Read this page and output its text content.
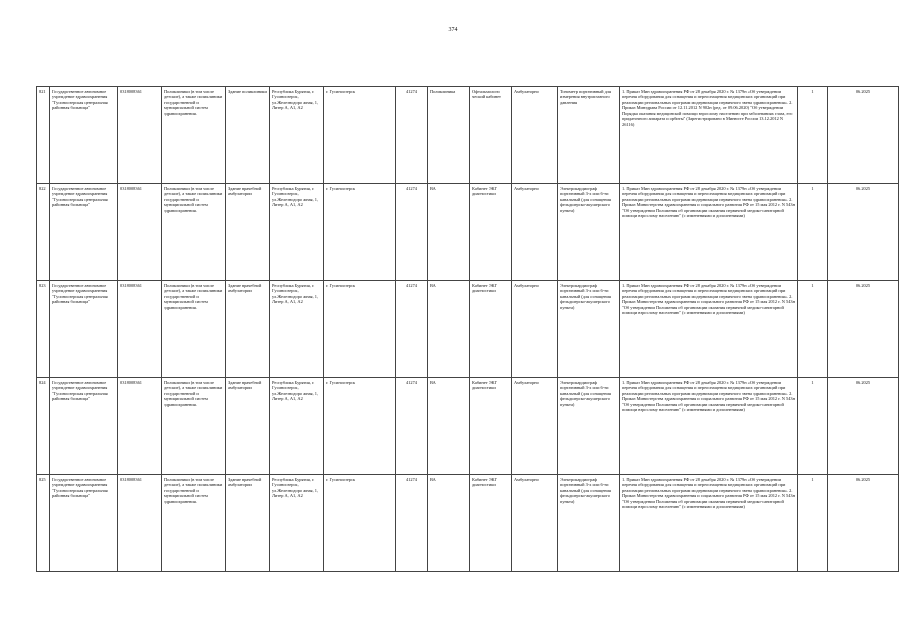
374
821	Государственное автономное учреждение здравоохранения "Гусиноозерская центральная районная больница"	0318008361	Поликлиники (в том числе детские), а также поликлиники государственной и муниципальной систем здравоохранения.	Здание поликлиники	Республика Бурятия, г. Гусиноозерск, ул.Железнодоро жная, 1, Литер А, А1, А2	г. Гусиноозерск	41274	Поликлиника	Офтальмологи ческий кабинет	Амбулаторно	Тонометр портативный для измерения внутриглазного давления	1. Приказ Мин здравоохранения РФ от 28 декабря 2020 г. № 1379н «Об утверждении перечня оборудования для оснащения и переоснащения медицинских организаций при реализации региональных программ модернизации первичного звена здравоохранения». 2. Приказ Минздрава России от 12.11.2012 N 902н (ред. от 09.06.2020) "Об утверждении Порядка оказания медицинской помощи взрослому населению при заболеваниях глаза, его придаточного аппарата и орбиты" (Зарегистрировано в Минюсте России 13.12.2012 N 26116)	1	06.2025
822	Государственное автономное учреждение здравоохранения "Гусиноозерская центральная районная больница"	0318008361	Поликлиники (в том числе детские), а также поликлиники государственной и муниципальной систем здравоохранения.	Здание врачебной амбулатории	Республика Бурятия, г. Гусиноозерск, ул.Железнодоро жная, 1, Литер А, А1, А2	г. Гусиноозерск	41274	ВА	Кабинет ЭКГ диагностики	Амбулаторно	Электрокардиограф портативный 3-х или 6-ти канальный (для оснащения фельдшерско-акушерского пункта)	1. Приказ Мин здравоохранения РФ от 28 декабря 2020 г. № 1379н «Об утверждении перечня оборудования для оснащения и переоснащения медицинских организаций при реализации региональных программ модернизации первичного звена здравоохранения». 2. Приказ Министерства здравоохранения и социального развития РФ от 15 мая 2012 г. N 543н "Об утверждении Положения об организации оказания первичной медико-санитарной помощи взрослому населению" (с изменениями и дополнениями)	1	06.2025
823	Государственное автономное учреждение здравоохранения "Гусиноозерская центральная районная больница"	0318008361	Поликлиники (в том числе детские), а также поликлиники государственной и муниципальной систем здравоохранения.	Здание врачебной амбулатории	Республика Бурятия, г. Гусиноозерск, ул.Железнодоро жная, 1, Литер А, А1, А2	г. Гусиноозерск	41274	ВА	Кабинет ЭКГ диагностики	Амбулаторно	Электрокардиограф портативный 3-х или 6-ти канальный (для оснащения фельдшерско-акушерского пункта)	1. Приказ Мин здравоохранения РФ от 28 декабря 2020 г. № 1379н «Об утверждении перечня оборудования для оснащения и переоснащения медицинских организаций при реализации региональных программ модернизации первичного звена здравоохранения». 2. Приказ Министерства здравоохранения и социального развития РФ от 15 мая 2012 г. N 543н "Об утверждении Положения об организации оказания первичной медико-санитарной помощи взрослому населению" (с изменениями и дополнениями)	1	06.2025
824	Государственное автономное учреждение здравоохранения "Гусиноозерская центральная районная больница"	0318008361	Поликлиники (в том числе детские), а также поликлиники государственной и муниципальной систем здравоохранения.	Здание врачебной амбулатории	Республика Бурятия, г. Гусиноозерск, ул.Железнодоро жная, 1, Литер А, А1, А2	г. Гусиноозерск	41274	ВА	Кабинет ЭКГ диагностики	Амбулаторно	Электрокардиограф портативный 3-х или 6-ти канальный (для оснащения фельдшерско-акушерского пункта)	1. Приказ Мин здравоохранения РФ от 28 декабря 2020 г. № 1379н «Об утверждении перечня оборудования для оснащения и переоснащения медицинских организаций при реализации региональных программ модернизации первичного звена здравоохранения». 2. Приказ Министерства здравоохранения и социального развития РФ от 15 мая 2012 г. N 543н "Об утверждении Положения об организации оказания первичной медико-санитарной помощи взрослому населению" (с изменениями и дополнениями)	1	06.2025
825	Государственное автономное учреждение здравоохранения "Гусиноозерская центральная районная больница"	0318008361	Поликлиники (в том числе детские), а также поликлиники государственной и муниципальной систем здравоохранения.	Здание врачебной амбулатории	Республика Бурятия, г. Гусиноозерск, ул.Железнодоро жная, 1, Литер А, А1, А2	г. Гусиноозерск	41274	ВА	Кабинет ЭКГ диагностики	Амбулаторно	Электрокардиограф портативный 3-х или 6-ти канальный (для оснащения фельдшерско-акушерского пункта)	1. Приказ Мин здравоохранения РФ от 28 декабря 2020 г. № 1379н «Об утверждении перечня оборудования для оснащения и переоснащения медицинских организаций при реализации региональных программ модернизации первичного звена здравоохранения». 2. Приказ Министерства здравоохранения и социального развития РФ от 15 мая 2012 г. N 543н "Об утверждении Положения об организации оказания первичной медико-санитарной помощи взрослому населению" (с изменениями и дополнениями)	1	06.2025
